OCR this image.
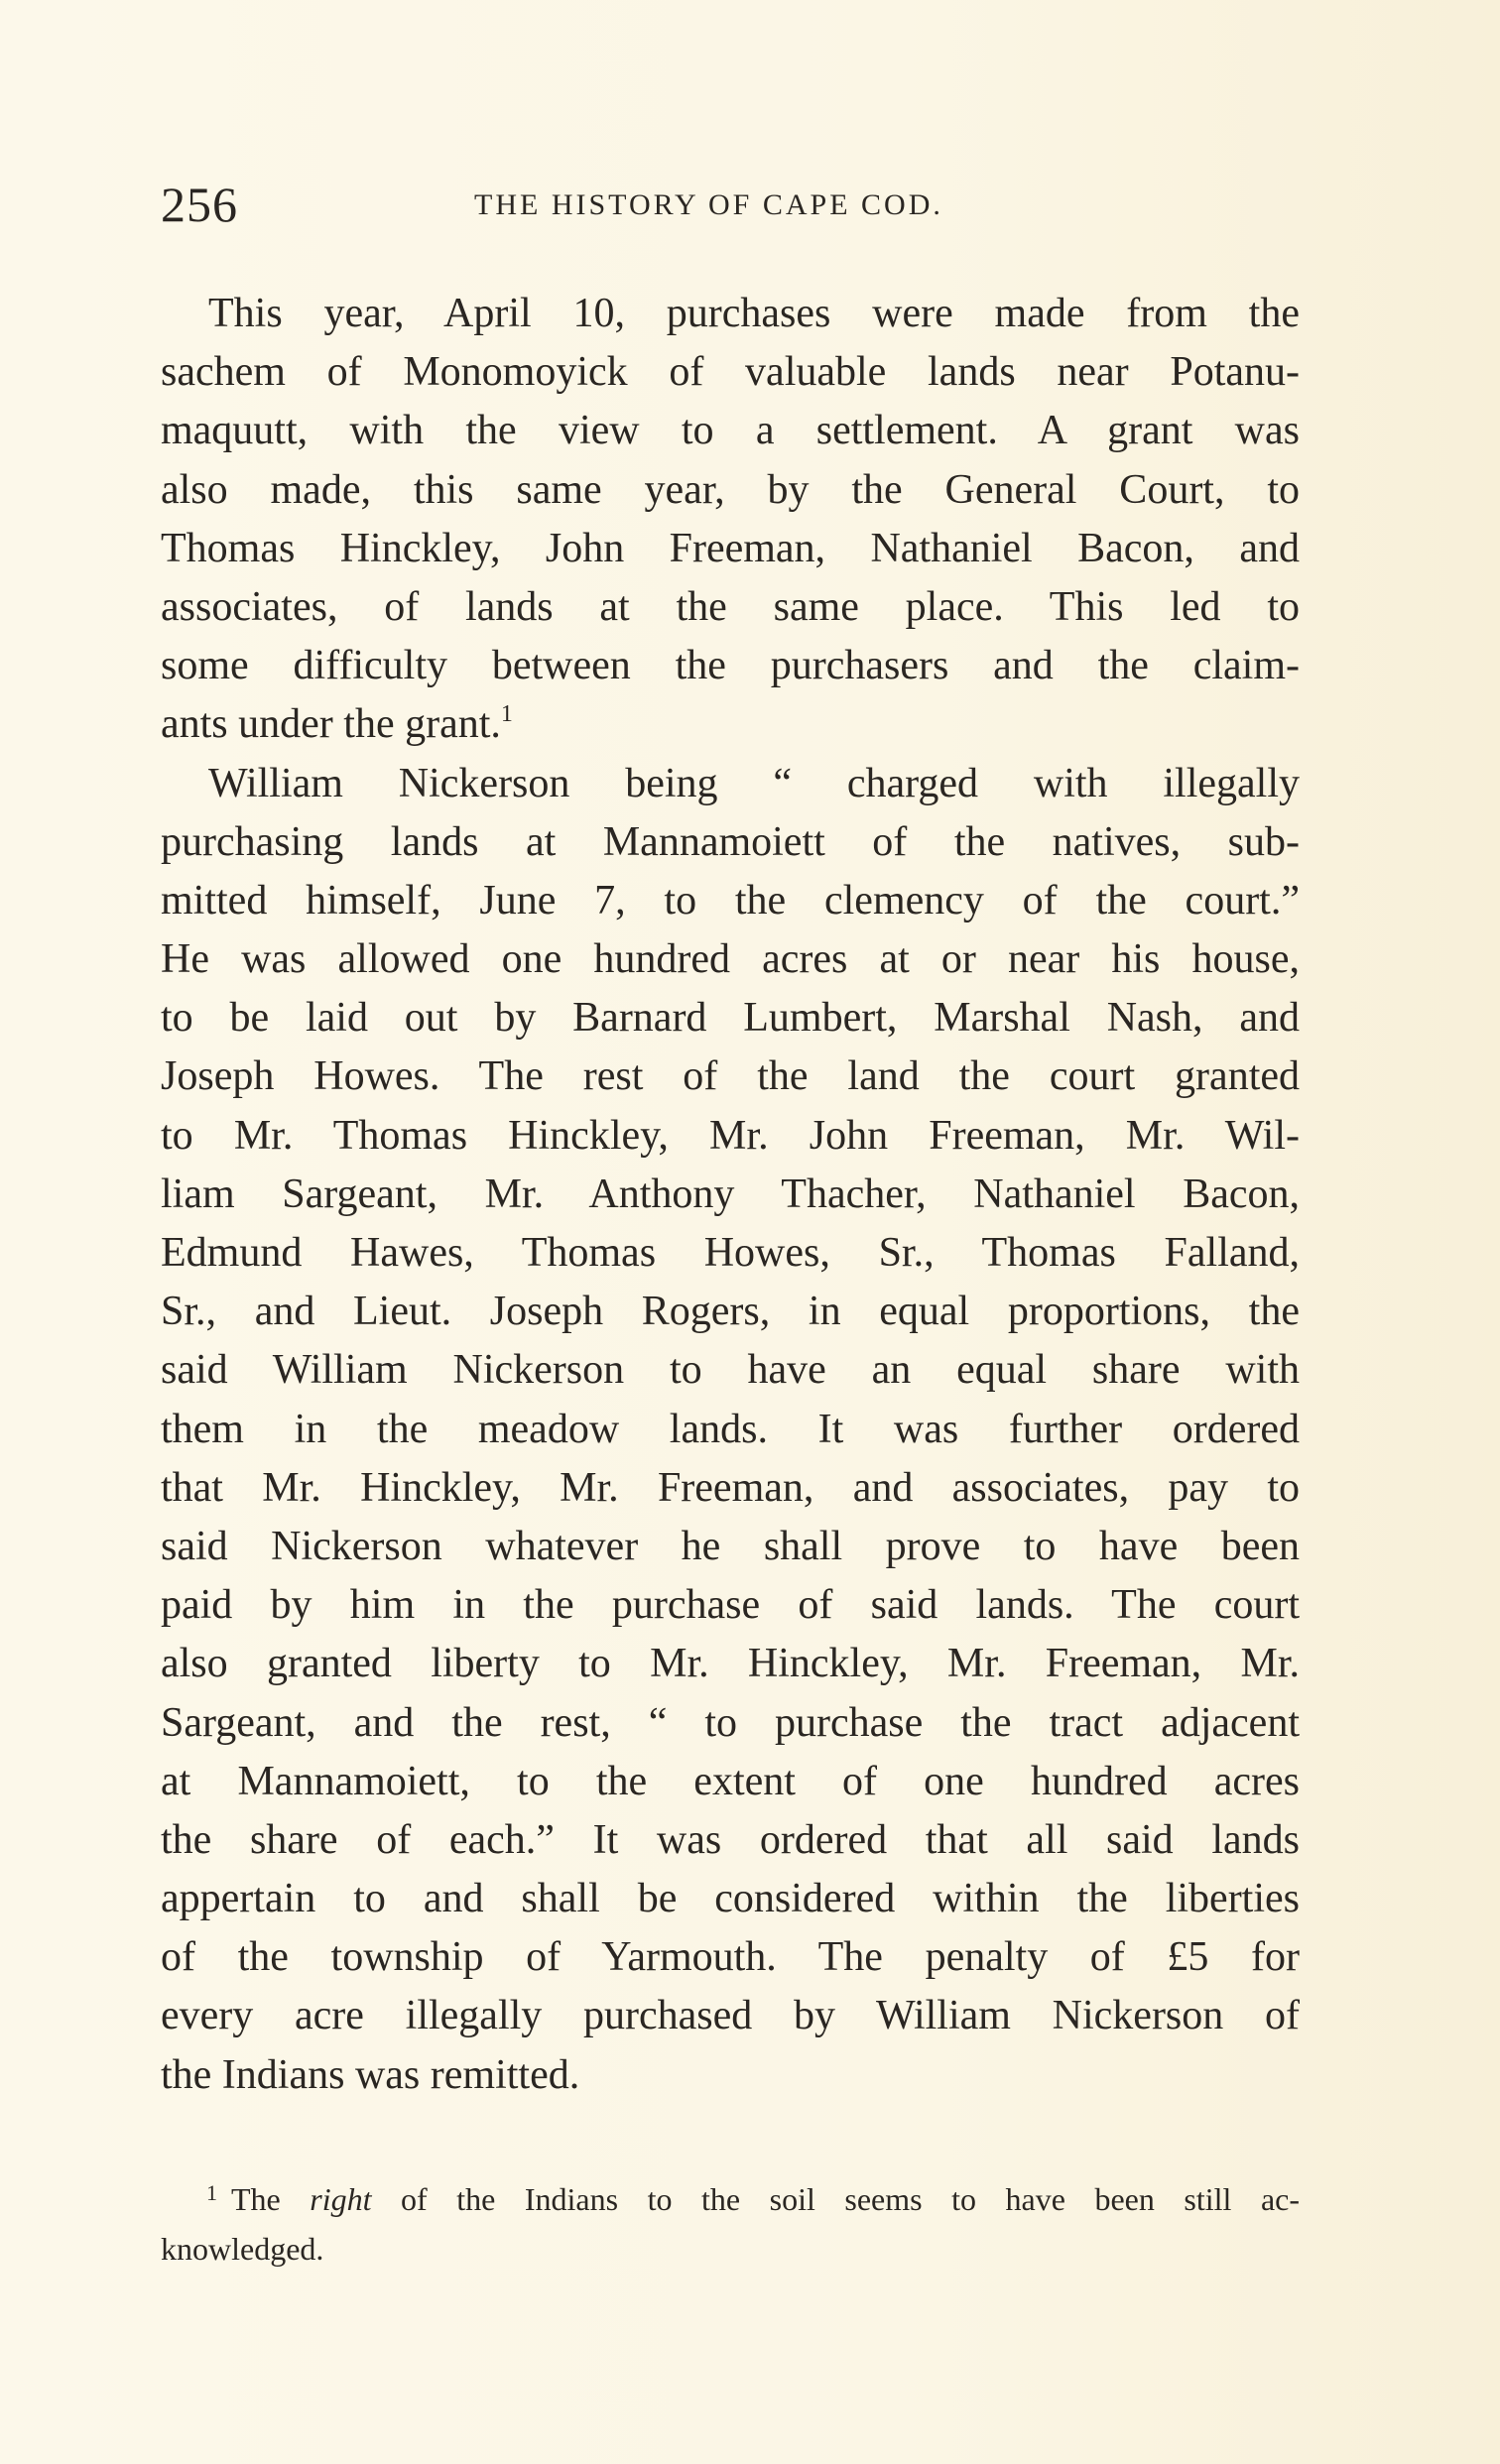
256	THE HISTORY OF CAPE COD.
This year, April 10, purchases were made from the
sachem of Monomoyick of valuable lands near Potanu-
maquutt, with the view to a settlement. A grant was
also made, this same year, by the General Court, to
Thomas Hinckley, John Freeman, Nathaniel Bacon, and
associates, of lands at the same place. This led to
some difficulty between the purchasers and the claim-
ants under the grant.$^1$
William Nickerson being “ charged with illegally
purchasing lands at Mannamoiett of the natives, sub-
mitted himself, June 7, to the clemency of the court.”
He was allowed one hundred acres at or near his house,
to be laid out by Barnard Lumbert, Marshal Nash, and
Joseph Howes. The rest of the land the court granted
to Mr. Thomas Hinckley, Mr. John Freeman, Mr. Wil-
liam Sargeant, Mr. Anthony Thacher, Nathaniel Bacon,
Edmund Hawes, Thomas Howes, Sr., Thomas Falland,
Sr., and Lieut. Joseph Rogers, in equal proportions, the
said William Nickerson to have an equal share with
them in the meadow lands. It was further ordered
that Mr. Hinckley, Mr. Freeman, and associates, pay to
said Nickerson whatever he shall prove to have been
paid by him in the purchase of said lands. The court
also granted liberty to Mr. Hinckley, Mr. Freeman, Mr.
Sargeant, and the rest, “ to purchase the tract adjacent
at Mannamoiett, to the extent of one hundred acres
the share of each.” It was ordered that all said lands
appertain to and shall be considered within the liberties
of the township of Yarmouth. The penalty of £5 for
every acre illegally purchased by William Nickerson of
the Indians was remitted.
$^1$ The right of the Indians to the soil seems to have been still ac-
knowledged.
